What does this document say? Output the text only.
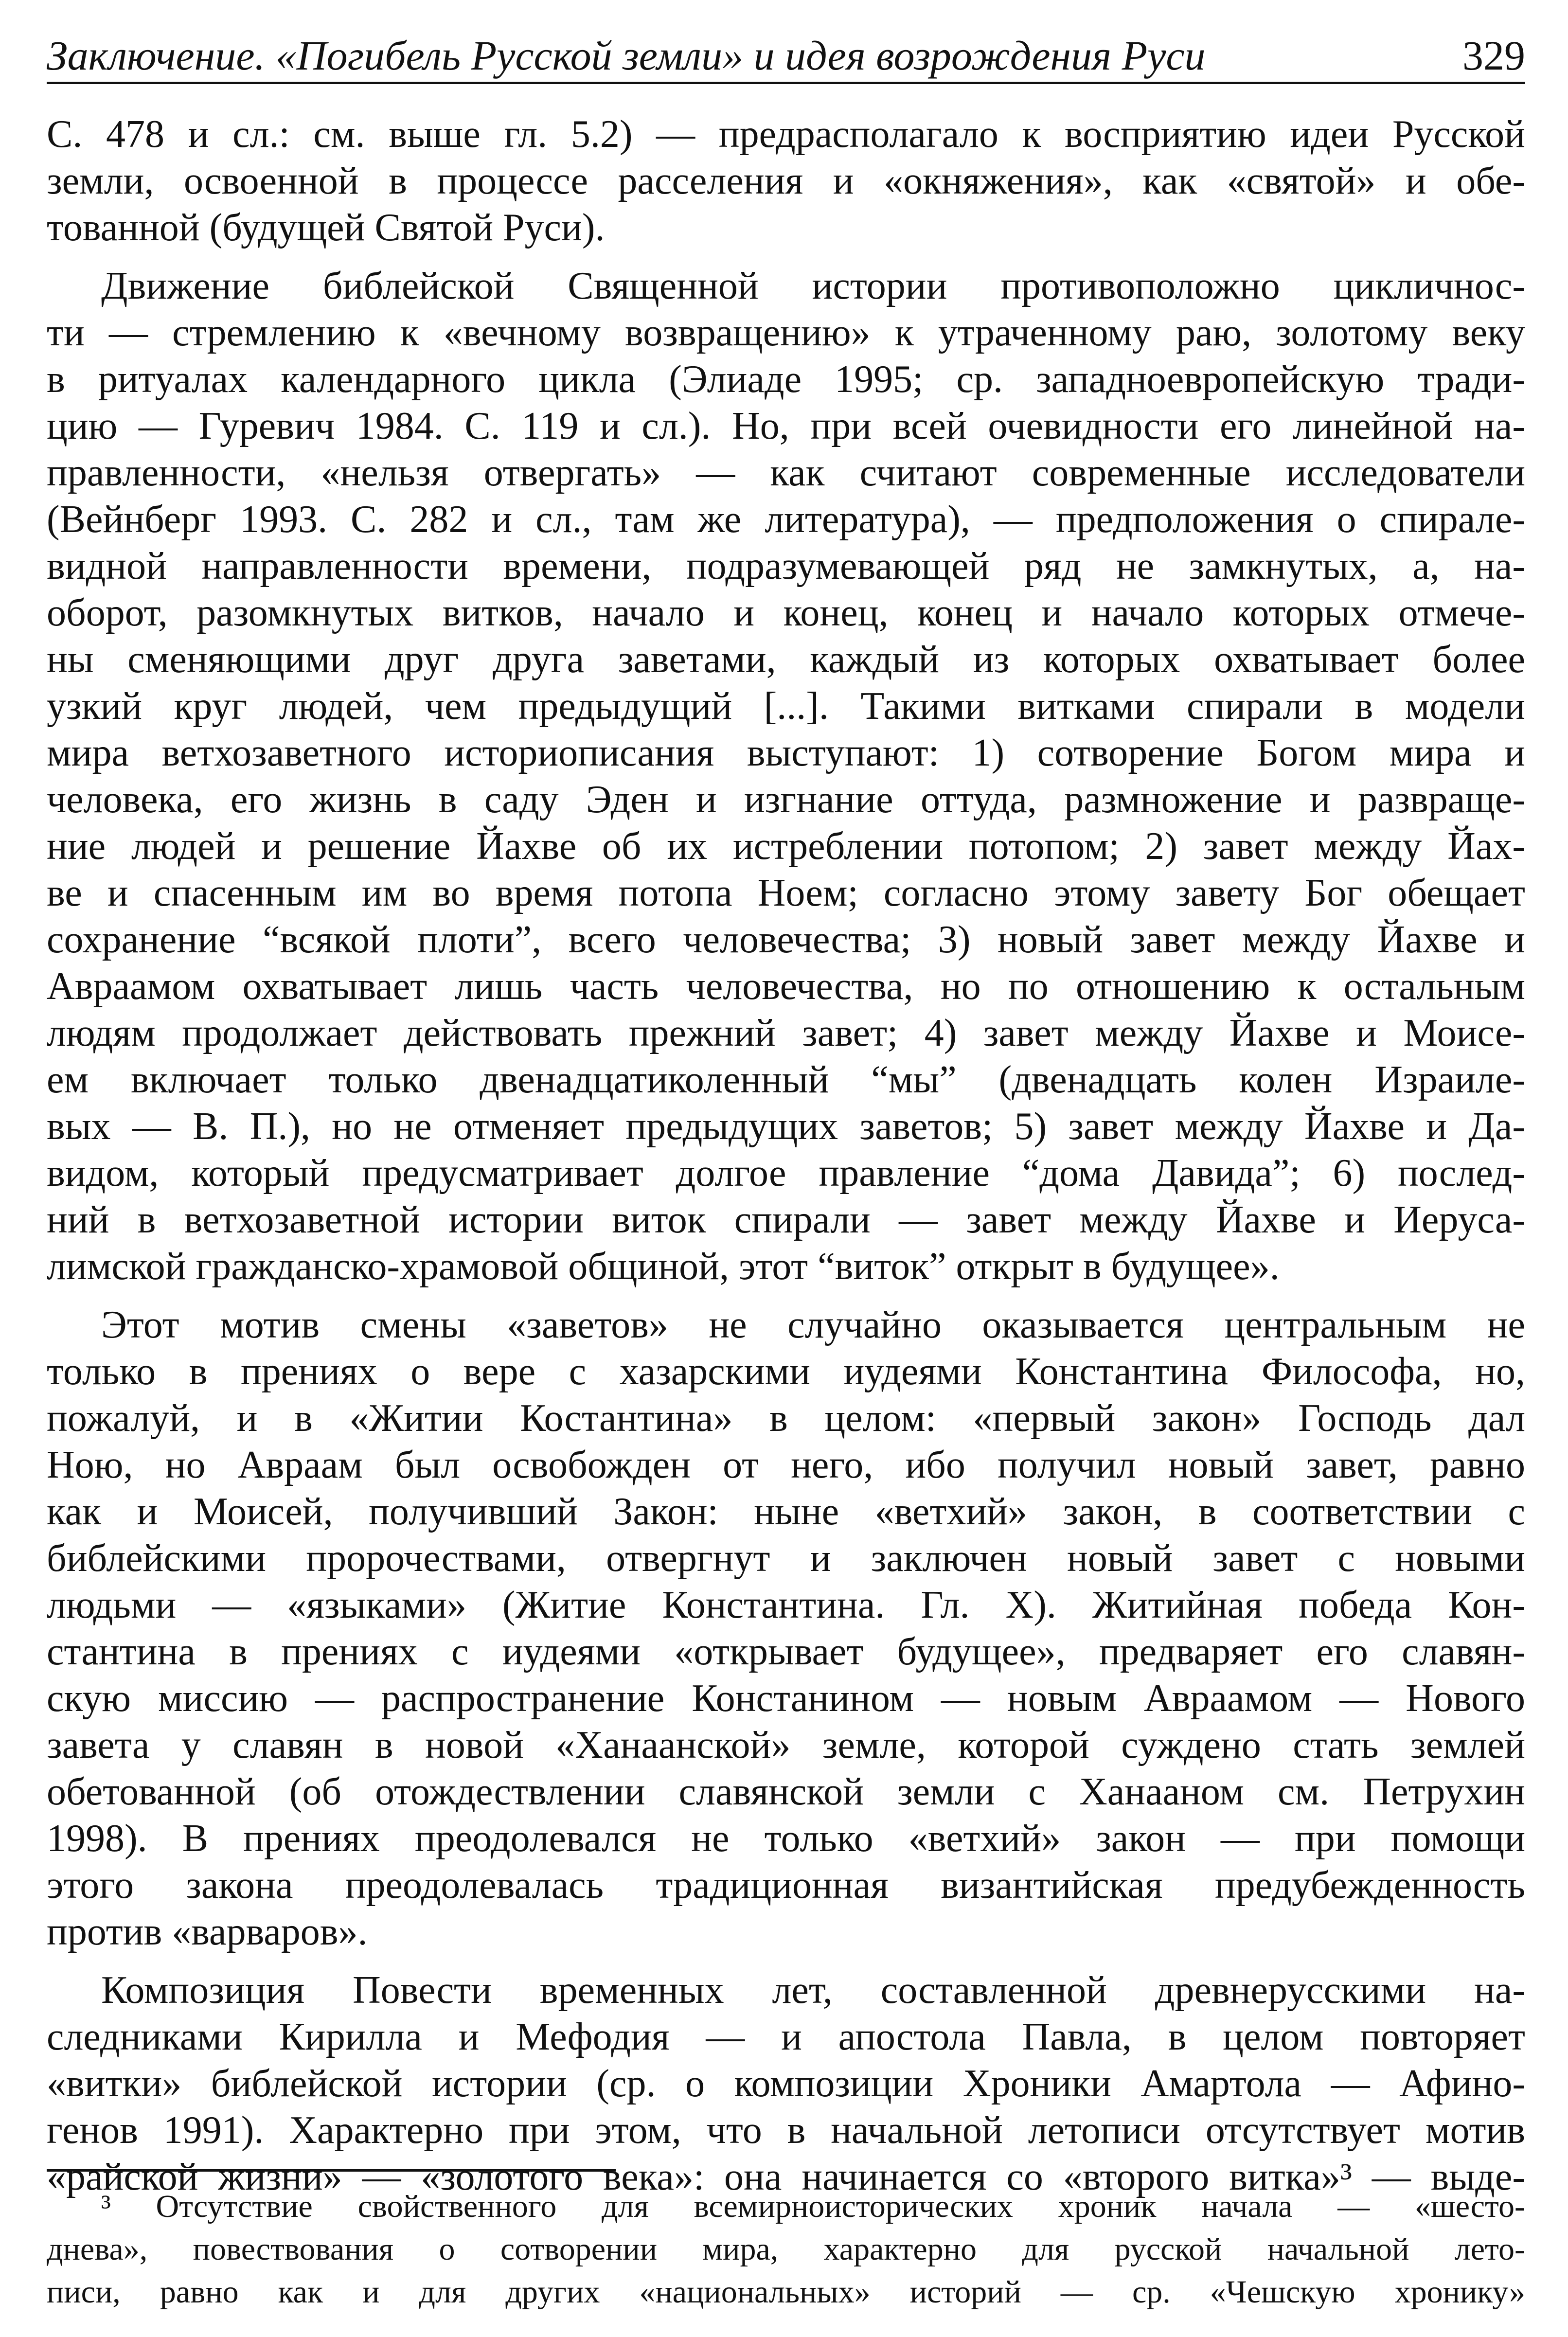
Заключение. «Погибель Русской земли» и идея возрождения Руси	329
С. 478 и сл.: см. выше гл. 5.2) — предрасполагало к восприятию идеи Русской
земли, освоенной в процессе расселения и «окняжения», как «святой» и обе-
тованной (будущей Святой Руси).
Движение библейской Священной истории противоположно цикличнос-
ти — стремлению к «вечному возвращению» к утраченному раю, золотому веку
в ритуалах календарного цикла (Элиаде 1995; ср. западноевропейскую тради-
цию — Гуревич 1984. С. 119 и сл.). Но, при всей очевидности его линейной на-
правленности, «нельзя отвергать» — как считают современные исследователи
(Вейнберг 1993. С. 282 и сл., там же литература), — предположения о спирале-
видной направленности времени, подразумевающей ряд не замкнутых, а, на-
оборот, разомкнутых витков, начало и конец, конец и начало которых отмече-
ны сменяющими друг друга заветами, каждый из которых охватывает более
узкий круг людей, чем предыдущий [...]. Такими витками спирали в модели
мира ветхозаветного историописания выступают: 1) сотворение Богом мира и
человека, его жизнь в саду Эден и изгнание оттуда, размножение и развраще-
ние людей и решение Йахве об их истреблении потопом; 2) завет между Йах-
ве и спасенным им во время потопа Ноем; согласно этому завету Бог обещает
сохранение “всякой плоти”, всего человечества; 3) новый завет между Йахве и
Авраамом охватывает лишь часть человечества, но по отношению к остальным
людям продолжает действовать прежний завет; 4) завет между Йахве и Моисе-
ем включает только двенадцатиколенный “мы” (двенадцать колен Израиле-
вых — В. П.), но не отменяет предыдущих заветов; 5) завет между Йахве и Да-
видом, который предусматривает долгое правление “дома Давида”; 6) послед-
ний в ветхозаветной истории виток спирали — завет между Йахве и Иеруса-
лимской гражданско-храмовой общиной, этот “виток” открыт в будущее».
Этот мотив смены «заветов» не случайно оказывается центральным не
только в прениях о вере с хазарскими иудеями Константина Философа, но,
пожалуй, и в «Житии Костантина» в целом: «первый закон» Господь дал
Ною, но Авраам был освобожден от него, ибо получил новый завет, равно
как и Моисей, получивший Закон: ныне «ветхий» закон, в соответствии с
библейскими пророчествами, отвергнут и заключен новый завет с новыми
людьми — «языками» (Житие Константина. Гл. X). Житийная победа Кон-
стантина в прениях с иудеями «открывает будущее», предваряет его славян-
скую миссию — распространение Констанином — новым Авраамом — Нового
завета у славян в новой «Ханаанской» земле, которой суждено стать землей
обетованной (об отождествлении славянской земли с Ханааном см. Петрухин
1998). В прениях преодолевался не только «ветхий» закон — при помощи
этого закона преодолевалась традиционная византийская предубежденность
против «варваров».
Композиция Повести временных лет, составленной древнерусскими на-
следниками Кирилла и Мефодия — и апостола Павла, в целом повторяет
«витки» библейской истории (ср. о композиции Хроники Амартола — Афино-
генов 1991). Характерно при этом, что в начальной летописи отсутствует мотив
«райской жизни» — «золотого века»: она начинается со «второго витка»³ — выде-
³ Отсутствие свойственного для всемирноисторических хроник начала — «шесто-
днева», повествования о сотворении мира, характерно для русской начальной лето-
писи, равно как и для других «национальных» историй — ср. «Чешскую хронику»
